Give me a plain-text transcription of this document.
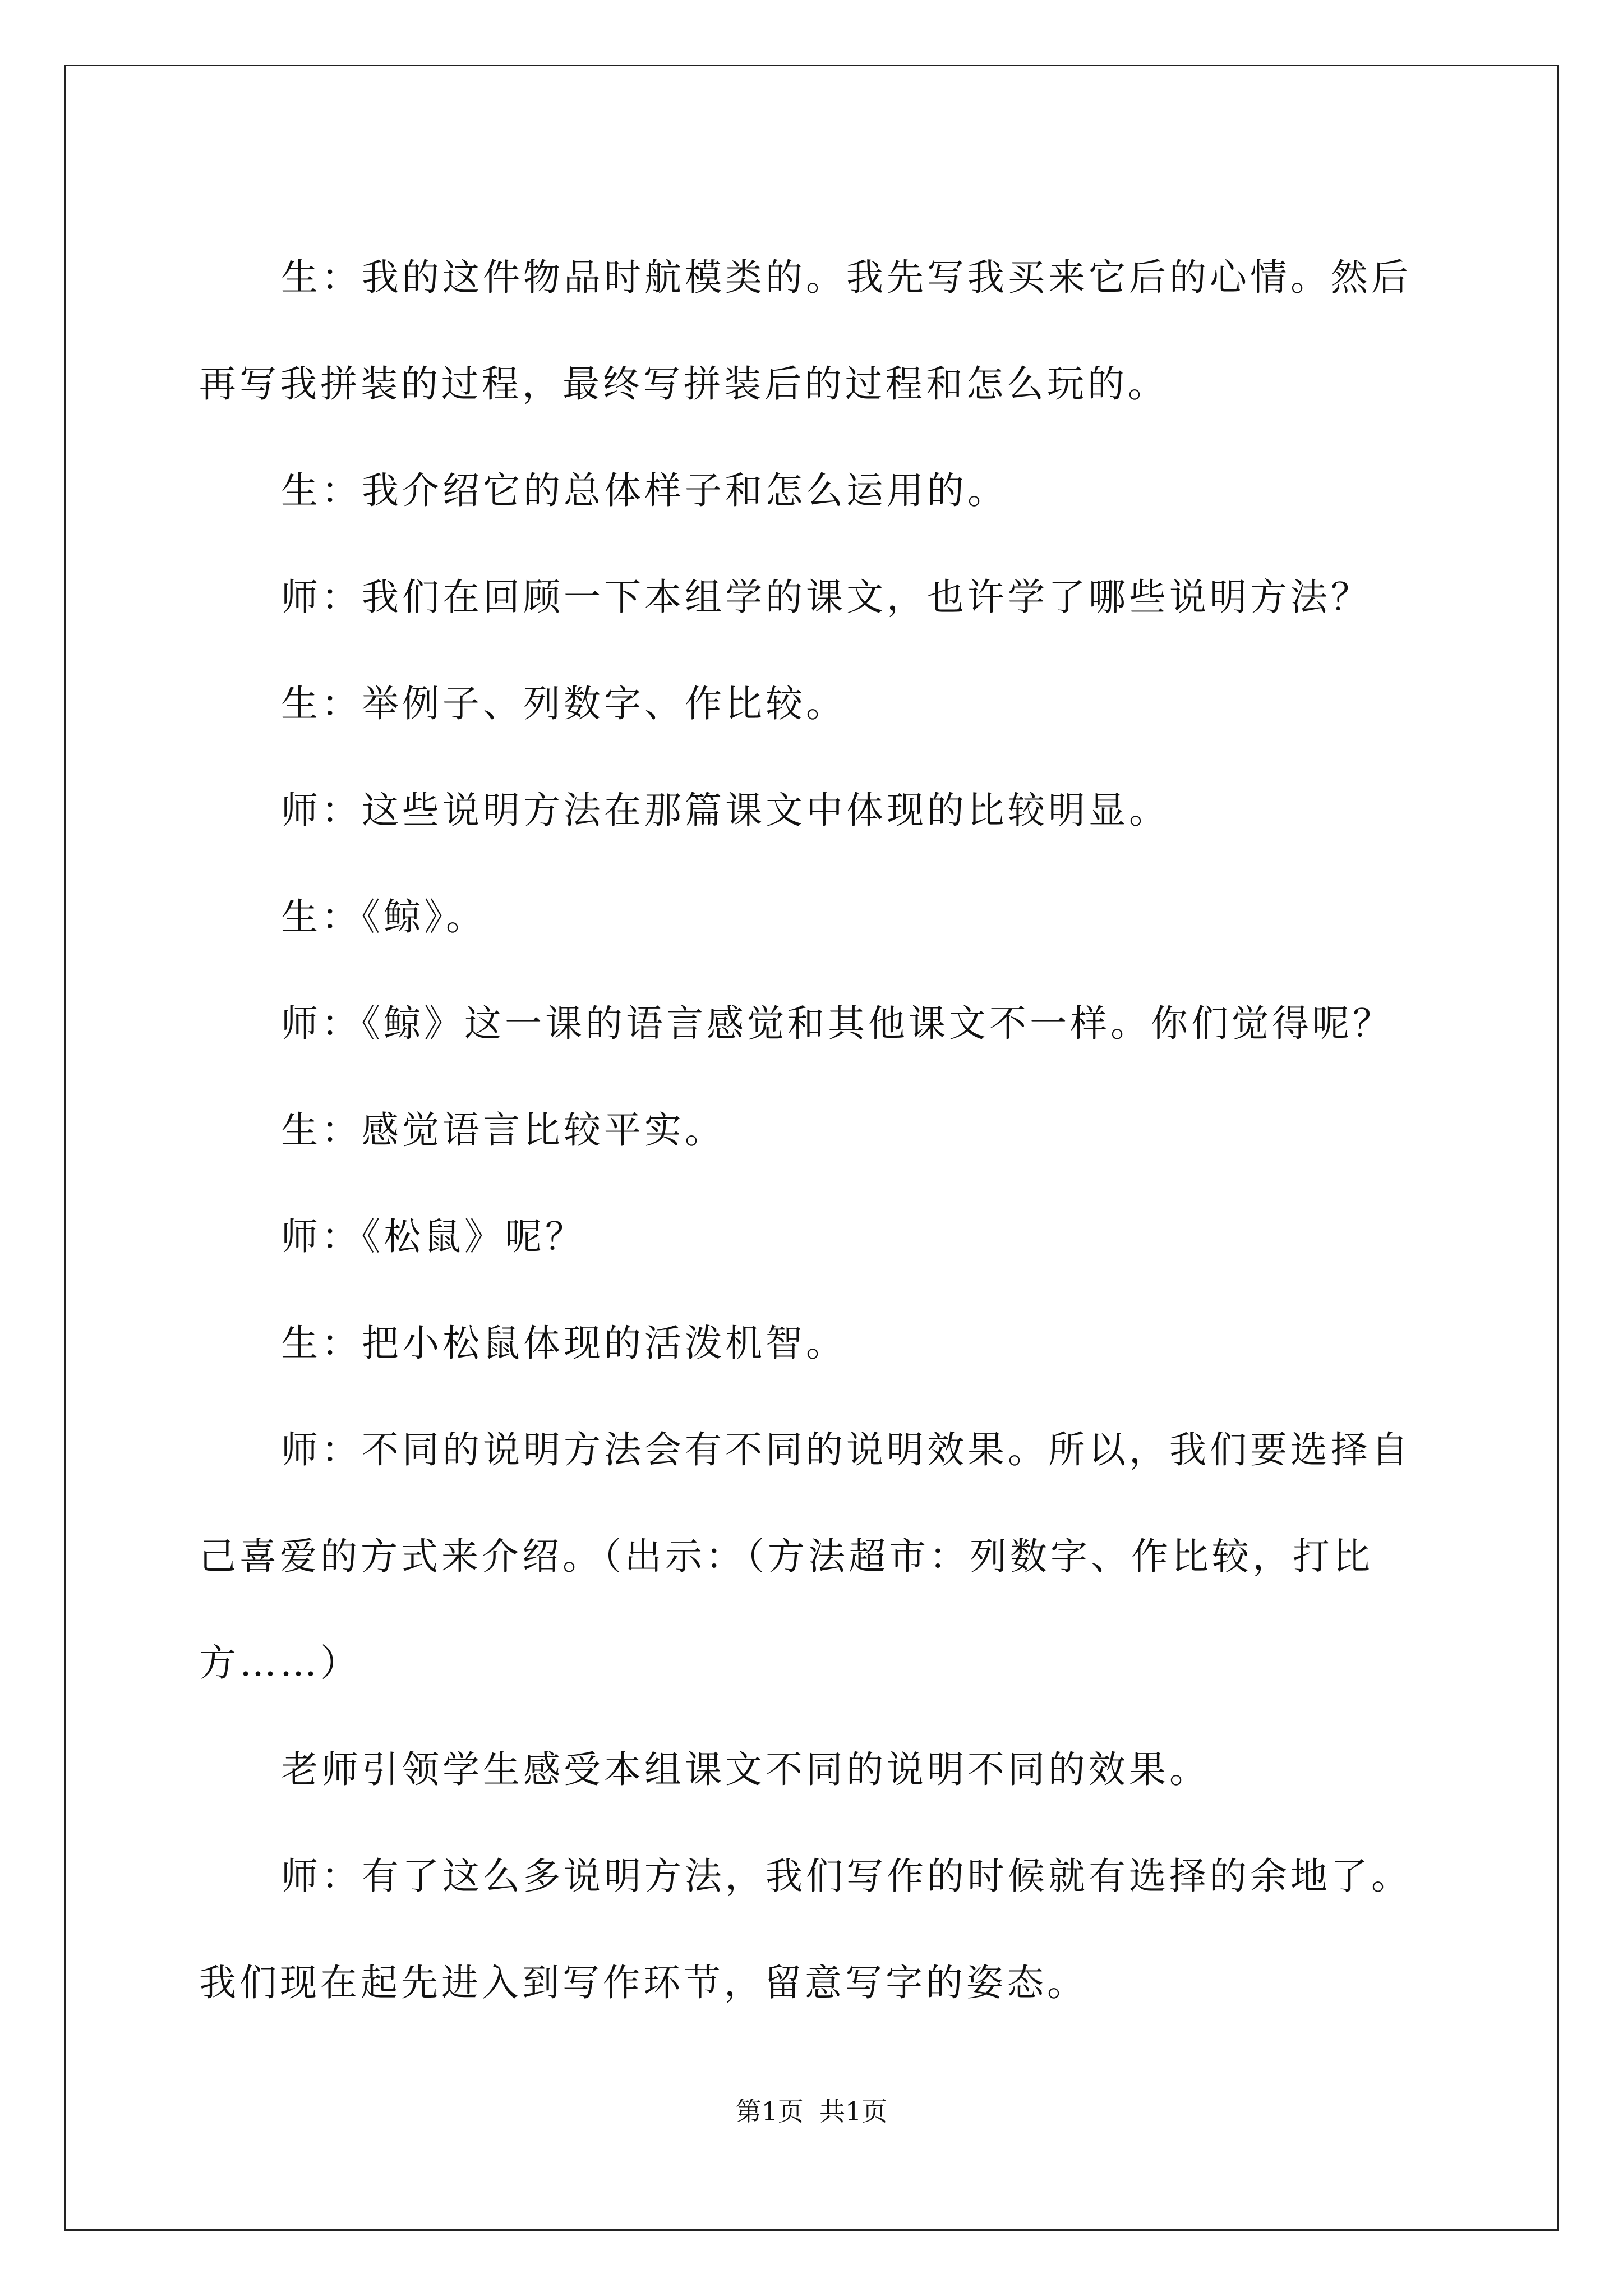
生：我的这件物品时航模类的。我先写我买来它后的心情。然后再写我拼装的过程，最终写拼装后的过程和怎么玩的。

生：我介绍它的总体样子和怎么运用的。

师：我们在回顾一下本组学的课文，也许学了哪些说明方法？

生：举例子、列数字、作比较。

师：这些说明方法在那篇课文中体现的比较明显。

生：《鲸》。

师：《鲸》这一课的语言感觉和其他课文不一样。你们觉得呢？

生：感觉语言比较平实。

师：《松鼠》呢？

生：把小松鼠体现的活泼机智。

师：不同的说明方法会有不同的说明效果。所以，我们要选择自己喜爱的方式来介绍。（出示：（方法超市：列数字、作比较，打比方……）

老师引领学生感受本组课文不同的说明不同的效果。

师：有了这么多说明方法，我们写作的时候就有选择的余地了。我们现在起先进入到写作环节，留意写字的姿态。

第1页 共1页
